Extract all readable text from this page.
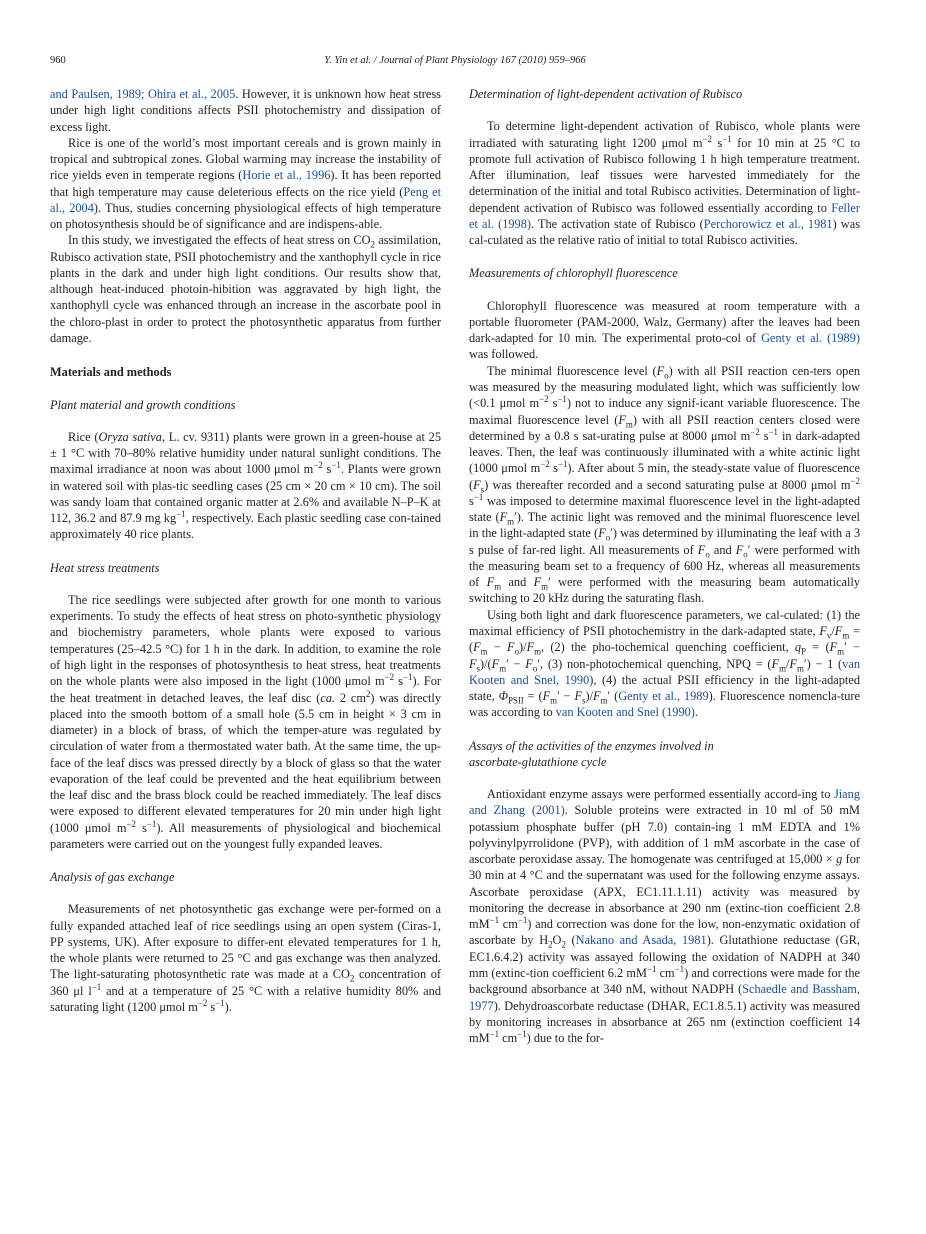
960	Y. Yin et al. / Journal of Plant Physiology 167 (2010) 959–966

and Paulsen, 1989; Ohira et al., 2005. However, it is unknown how heat stress under high light conditions affects PSII photochemistry and dissipation of excess light.

Rice is one of the world’s most important cereals and is grown mainly in tropical and subtropical zones. Global warming may increase the instability of rice yields even in temperate regions (Horie et al., 1996). It has been reported that high temperature may cause deleterious effects on the rice yield (Peng et al., 2004). Thus, studies concerning physiological effects of high temperature on photosynthesis should be of significance and are indispens-able.

In this study, we investigated the effects of heat stress on $CO_2$ assimilation, Rubisco activation state, PSII photochemistry and the xanthophyll cycle in rice plants in the dark and under high light conditions. Our results show that, although heat-induced photoin-hibition was aggravated by high light, the xanthophyll cycle was enhanced through an increase in the ascorbate pool in the chloro-plast in order to protect the photosynthetic apparatus from further damage.

Materials and methods
Plant material and growth conditions

Rice (Oryza sativa, L. cv. 9311) plants were grown in a green-house at 25 ± 1 °C with 70–80% relative humidity under natural sunlight conditions. The maximal irradiance at noon was about 1000 μmol $m^{-2}$ $s^{-1}$. Plants were grown in watered soil with plas-tic seedling cases (25 cm × 20 cm × 10 cm). The soil was sandy loam that contained organic matter at 2.6% and available N–P–K at 112, 36.2 and 87.9 mg $kg^{-1}$, respectively. Each plastic seedling case con-tained approximately 40 rice plants.

Heat stress treatments

The rice seedlings were subjected after growth for one month to various experiments. To study the effects of heat stress on photo-synthetic physiology and biochemistry parameters, whole plants were exposed to various temperatures (25–42.5 °C) for 1 h in the dark. In addition, to examine the role of high light in the responses of photosynthesis to heat stress, heat treatments on the whole plants were also imposed in the light (1000 μmol $m^{-2}$ $s^{-1}$). For the heat treatment in detached leaves, the leaf disc (ca. 2 $cm^2$) was directly placed into the smooth bottom of a small hole (5.5 cm in height × 3 cm in diameter) in a block of brass, of which the temper-ature was regulated by circulation of water from a thermostated water bath. At the same time, the up-face of the leaf discs was pressed directly by a block of glass so that the water evaporation of the leaf could be prevented and the heat equilibrium between the leaf disc and the brass block could be reached immediately. The leaf discs were exposed to different elevated temperatures for 20 min under high light (1000 μmol $m^{-2}$ $s^{-1}$). All measurements of physiological and biochemical parameters were carried out on the youngest fully expanded leaves.

Analysis of gas exchange

Measurements of net photosynthetic gas exchange were per-formed on a fully expanded attached leaf of rice seedlings using an open system (Ciras-1, PP systems, UK). After exposure to differ-ent elevated temperatures for 1 h, the whole plants were returned to 25 °C and gas exchange was then analyzed. The light-saturating photosynthetic rate was made at a $CO_2$ concentration of 360 μl $l^{-1}$ and at a temperature of 25 °C with a relative humidity 80% and saturating light (1200 μmol $m^{-2}$ $s^{-1}$).

Determination of light-dependent activation of Rubisco

To determine light-dependent activation of Rubisco, whole plants were irradiated with saturating light 1200 μmol $m^{-2}$ $s^{-1}$ for 10 min at 25 °C to promote full activation of Rubisco following 1 h high temperature treatment. After illumination, leaf tissues were harvested immediately for the determination of the initial and total Rubisco activities. Determination of light-dependent activation of Rubisco was followed essentially according to Feller et al. (1998). The activation state of Rubisco (Perchorowicz et al., 1981) was cal-culated as the relative ratio of initial to total Rubisco activities.

Measurements of chlorophyll fluorescence

Chlorophyll fluorescence was measured at room temperature with a portable fluorometer (PAM-2000, Walz, Germany) after the leaves had been dark-adapted for 10 min. The experimental proto-col of Genty et al. (1989) was followed.

The minimal fluorescence level $(F_o)$ with all PSII reaction cen-ters open was measured by the measuring modulated light, which was sufficiently low (<0.1 μmol $m^{-2}$ $s^{-1}$) not to induce any signif-icant variable fluorescence. The maximal fluorescence level $(F_m)$ with all PSII reaction centers closed were determined by a 0.8 s sat-urating pulse at 8000 μmol $m^{-2}$ $s^{-1}$ in dark-adapted leaves. Then, the leaf was continuously illuminated with a white actinic light (1000 μmol $m^{-2}$ $s^{-1}$). After about 5 min, the steady-state value of fluorescence $(F_s)$ was thereafter recorded and a second saturating pulse at 8000 μmol $m^{-2}$ $s^{-1}$ was imposed to determine maximal fluorescence level in the light-adapted state $(F_m')$. The actinic light was removed and the minimal fluorescence level in the light-adapted state $(F_o')$ was determined by illuminating the leaf with a 3 s pulse of far-red light. All measurements of $F_o$ and $F_o'$ were performed with the measuring beam set to a frequency of 600 Hz, whereas all measurements of $F_m$ and $F_m'$ were performed with the measuring beam automatically switching to 20 kHz during the saturating flash.

Using both light and dark fluorescence parameters, we cal-culated: (1) the maximal efficiency of PSII photochemistry in the dark-adapted state, $F_v/F_m = (F_m - F_o)/F_m$, (2) the pho-tochemical quenching coefficient, $q_P = (F_m' - F_s)/(F_m' - F_o'$, (3) non-photochemical quenching, NPQ = $(F_m/F_m') - 1$ (van Kooten and Snel, 1990), (4) the actual PSII efficiency in the light-adapted state, $\Phi_{PSII} = (F_m' - F_s)/F_m'$ (Genty et al., 1989). Fluorescence nomencla-ture was according to van Kooten and Snel (1990).

Assays of the activities of the enzymes involved in
ascorbate-glutathione cycle

Antioxidant enzyme assays were performed essentially accord-ing to Jiang and Zhang (2001). Soluble proteins were extracted in 10 ml of 50 mM potassium phosphate buffer (pH 7.0) contain-ing 1 mM EDTA and 1% polyvinylpyrrolidone (PVP), with addition of 1 mM ascorbate in the case of ascorbate peroxidase assay. The homogenate was centrifuged at 15,000 × g for 30 min at 4 °C and the supernatant was used for the following enzyme assays. Ascorbate peroxidase (APX, EC1.11.1.11) activity was measured by monitoring the decrease in absorbance at 290 nm (extinc-tion coefficient 2.8 $mM^{-1}$ $cm^{-1}$) and correction was done for the low, non-enzymatic oxidation of ascorbate by $H_2O_2$ (Nakano and Asada, 1981). Glutathione reductase (GR, EC1.6.4.2) activity was assayed following the oxidation of NADPH at 340 mm (extinc-tion coefficient 6.2 $mM^{-1}$ $cm^{-1}$) and corrections were made for the background absorbance at 340 nM, without NADPH (Schaedle and Bassham, 1977). Dehydroascorbate reductase (DHAR, EC1.8.5.1) activity was measured by monitoring increases in absorbance at 265 nm (extinction coefficient 14 $mM^{-1}$ $cm^{-1}$) due to the for-
